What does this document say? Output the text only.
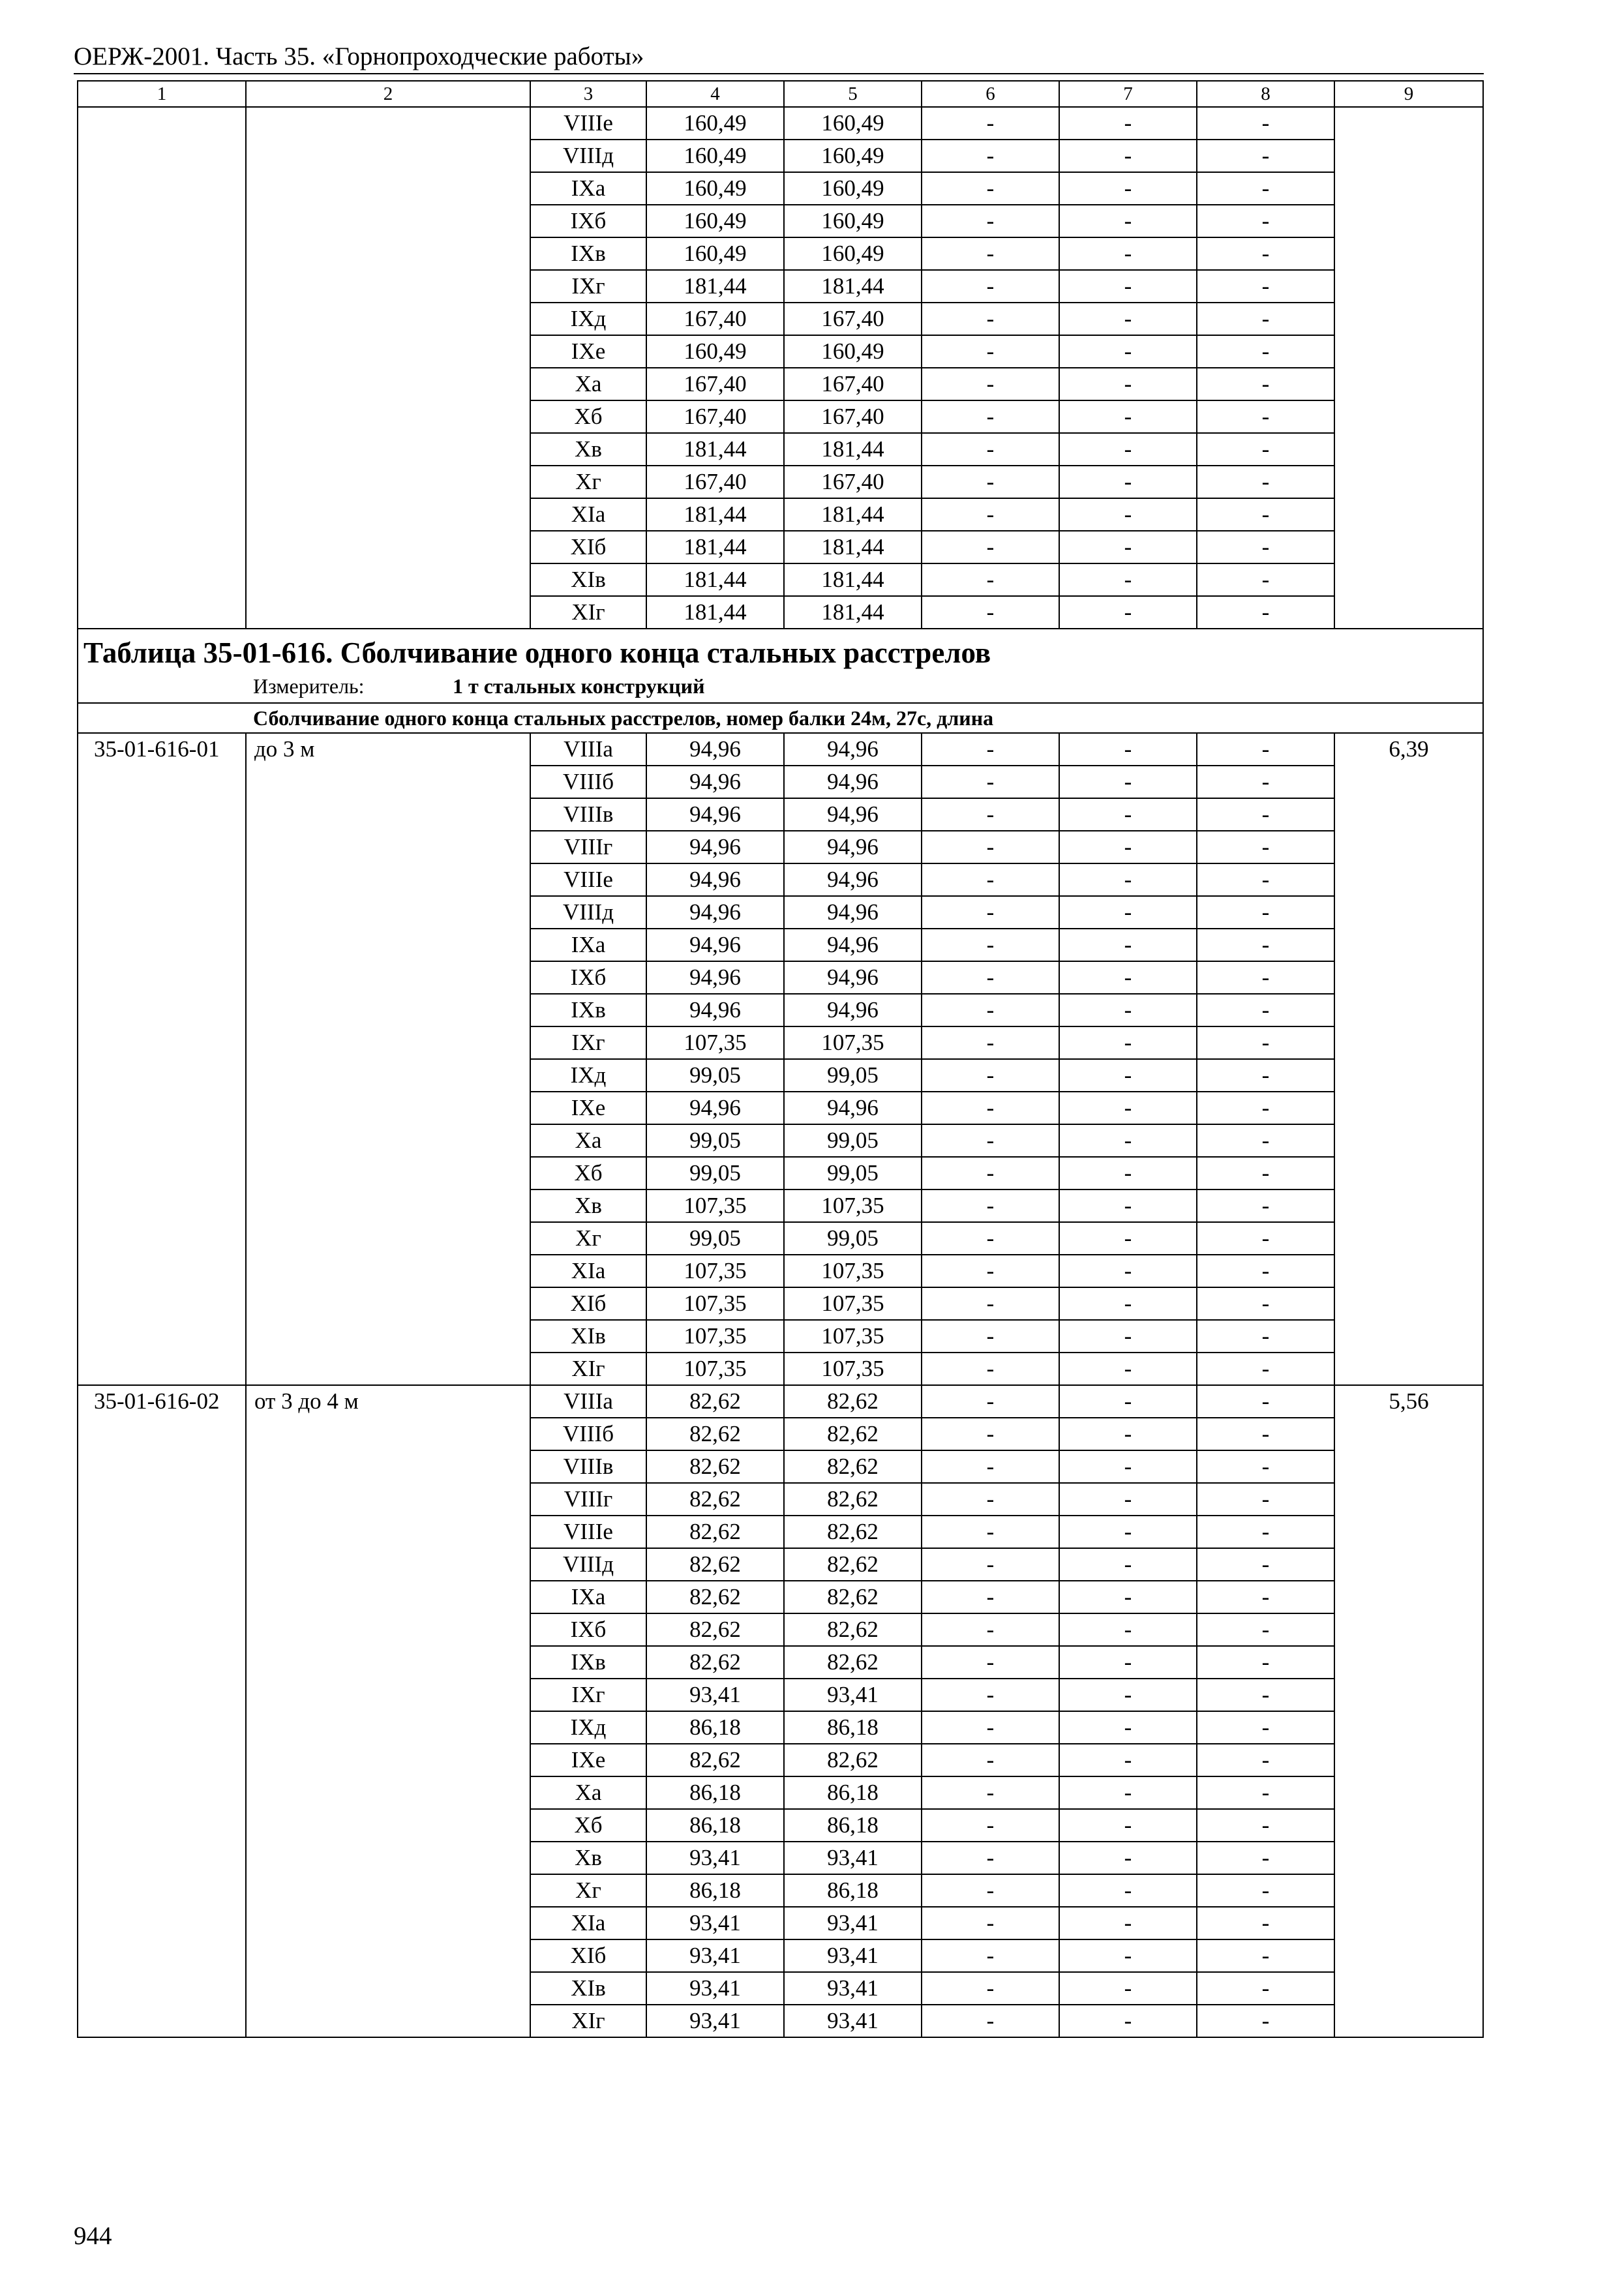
ОЕРЖ-2001. Часть 35. «Горнопроходческие работы»
1	2	3	4	5	6	7	8	9
		VIIIе	160,49	160,49	-	-	-	
		VIIIд	160,49	160,49	-	-	-	
		IXа	160,49	160,49	-	-	-	
		IXб	160,49	160,49	-	-	-	
		IXв	160,49	160,49	-	-	-	
		IXг	181,44	181,44	-	-	-	
		IXд	167,40	167,40	-	-	-	
		IXе	160,49	160,49	-	-	-	
		Xа	167,40	167,40	-	-	-	
		Xб	167,40	167,40	-	-	-	
		Xв	181,44	181,44	-	-	-	
		Xг	167,40	167,40	-	-	-	
		XIа	181,44	181,44	-	-	-	
		XIб	181,44	181,44	-	-	-	
		XIв	181,44	181,44	-	-	-	
		XIг	181,44	181,44	-	-	-	

Таблица 35-01-616. Сболчивание одного конца стальных расстрелов
Измеритель: 1 т стальных конструкций								

Сболчивание одного конца стальных расстрелов, номер балки 24м, 27с, длина								
35-01-616-01	до 3 м	VIIIа	94,96	94,96	-	-	-	6,39
		VIIIб	94,96	94,96	-	-	-	
		VIIIв	94,96	94,96	-	-	-	
		VIIIг	94,96	94,96	-	-	-	
		VIIIе	94,96	94,96	-	-	-	
		VIIIд	94,96	94,96	-	-	-	
		IXа	94,96	94,96	-	-	-	
		IXб	94,96	94,96	-	-	-	
		IXв	94,96	94,96	-	-	-	
		IXг	107,35	107,35	-	-	-	
		IXд	99,05	99,05	-	-	-	
		IXе	94,96	94,96	-	-	-	
		Xа	99,05	99,05	-	-	-	
		Xб	99,05	99,05	-	-	-	
		Xв	107,35	107,35	-	-	-	
		Xг	99,05	99,05	-	-	-	
		XIа	107,35	107,35	-	-	-	
		XIб	107,35	107,35	-	-	-	
		XIв	107,35	107,35	-	-	-	
		XIг	107,35	107,35	-	-	-	
35-01-616-02	от 3 до 4 м	VIIIа	82,62	82,62	-	-	-	5,56
		VIIIб	82,62	82,62	-	-	-	
		VIIIв	82,62	82,62	-	-	-	
		VIIIг	82,62	82,62	-	-	-	
		VIIIе	82,62	82,62	-	-	-	
		VIIIд	82,62	82,62	-	-	-	
		IXа	82,62	82,62	-	-	-	
		IXб	82,62	82,62	-	-	-	
		IXв	82,62	82,62	-	-	-	
		IXг	93,41	93,41	-	-	-	
		IXд	86,18	86,18	-	-	-	
		IXе	82,62	82,62	-	-	-	
		Xа	86,18	86,18	-	-	-	
		Xб	86,18	86,18	-	-	-	
		Xв	93,41	93,41	-	-	-	
		Xг	86,18	86,18	-	-	-	
		XIа	93,41	93,41	-	-	-	
		XIб	93,41	93,41	-	-	-	
		XIв	93,41	93,41	-	-	-	
		XIг	93,41	93,41	-	-	-	
944
